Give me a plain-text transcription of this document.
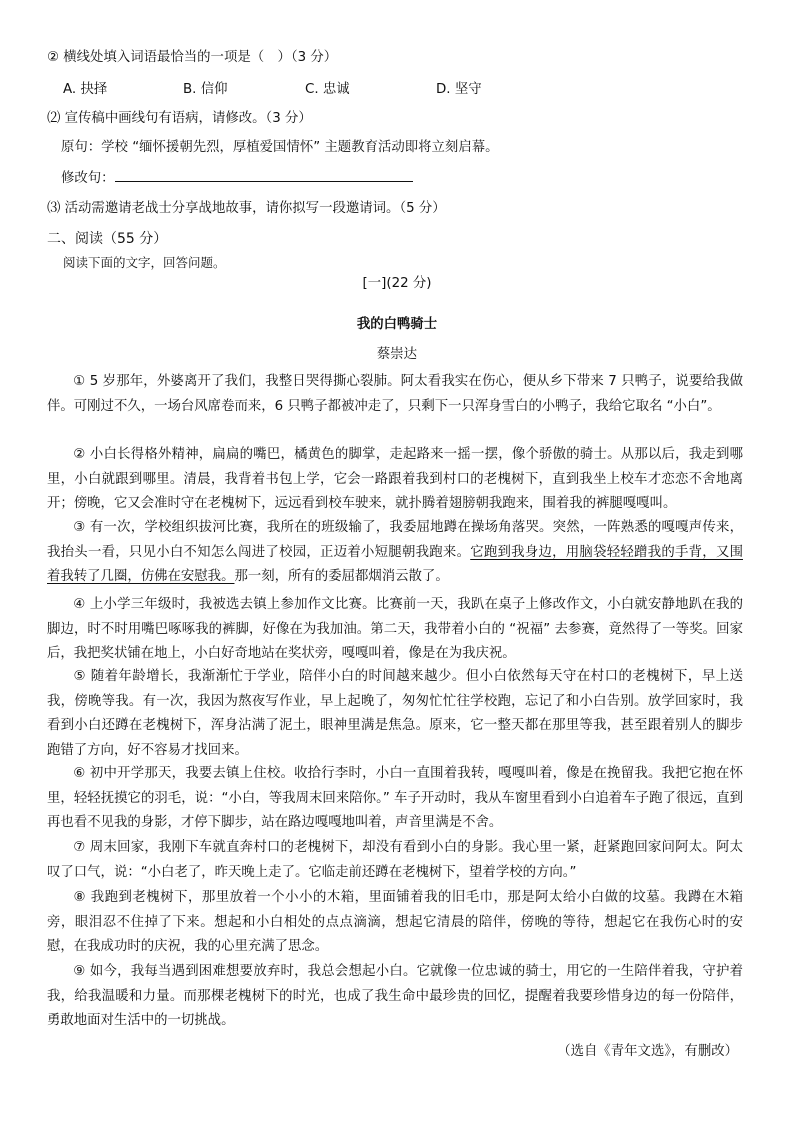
② 横线处填入词语最恰当的一项是（　）（3 分）
A. 抉择	B. 信仰	C. 忠诚	D. 坚守
⑵ 宣传稿中画线句有语病，请修改。（3 分）
原句：学校 “缅怀援朝先烈，厚植爱国情怀” 主题教育活动即将立刻启幕。
修改句：
⑶ 活动需邀请老战士分享战地故事，请你拟写一段邀请词。（5 分）
二、阅读（55 分）
阅读下面的文字，回答问题。
[一](22 分)
我的白鸭骑士
蔡崇达
① 5 岁那年，外婆离开了我们，我整日哭得撕心裂肺。阿太看我实在伤心，便从乡下带来 7 只鸭子，说要给我做伴。可刚过不久，一场台风席卷而来，6 只鸭子都被冲走了，只剩下一只浑身雪白的小鸭子，我给它取名 “小白”。
② 小白长得格外精神，扁扁的嘴巴，橘黄色的脚掌，走起路来一摇一摆，像个骄傲的骑士。从那以后，我走到哪里，小白就跟到哪里。清晨，我背着书包上学，它会一路跟着我到村口的老槐树下，直到我坐上校车才恋恋不舍地离开；傍晚，它又会准时守在老槐树下，远远看到校车驶来，就扑腾着翅膀朝我跑来，围着我的裤腿嘎嘎叫。
③ 有一次，学校组织拔河比赛，我所在的班级输了，我委屈地蹲在操场角落哭。突然，一阵熟悉的嘎嘎声传来，我抬头一看，只见小白不知怎么闯进了校园，正迈着小短腿朝我跑来。它跑到我身边，用脑袋轻轻蹭我的手背，又围着我转了几圈，仿佛在安慰我。那一刻，所有的委屈都烟消云散了。
④ 上小学三年级时，我被选去镇上参加作文比赛。比赛前一天，我趴在桌子上修改作文，小白就安静地趴在我的脚边，时不时用嘴巴啄啄我的裤脚，好像在为我加油。第二天，我带着小白的 “祝福” 去参赛，竟然得了一等奖。回家后，我把奖状铺在地上，小白好奇地站在奖状旁，嘎嘎叫着，像是在为我庆祝。
⑤ 随着年龄增长，我渐渐忙于学业，陪伴小白的时间越来越少。但小白依然每天守在村口的老槐树下，早上送我，傍晚等我。有一次，我因为熬夜写作业，早上起晚了，匆匆忙忙往学校跑，忘记了和小白告别。放学回家时，我看到小白还蹲在老槐树下，浑身沾满了泥土，眼神里满是焦急。原来，它一整天都在那里等我，甚至跟着别人的脚步跑错了方向，好不容易才找回来。
⑥ 初中开学那天，我要去镇上住校。收拾行李时，小白一直围着我转，嘎嘎叫着，像是在挽留我。我把它抱在怀里，轻轻抚摸它的羽毛，说：“小白，等我周末回来陪你。” 车子开动时，我从车窗里看到小白追着车子跑了很远，直到再也看不见我的身影，才停下脚步，站在路边嘎嘎地叫着，声音里满是不舍。
⑦ 周末回家，我刚下车就直奔村口的老槐树下，却没有看到小白的身影。我心里一紧，赶紧跑回家问阿太。阿太叹了口气，说：“小白老了，昨天晚上走了。它临走前还蹲在老槐树下，望着学校的方向。”
⑧ 我跑到老槐树下，那里放着一个小小的木箱，里面铺着我的旧毛巾，那是阿太给小白做的坟墓。我蹲在木箱旁，眼泪忍不住掉了下来。想起和小白相处的点点滴滴，想起它清晨的陪伴，傍晚的等待，想起它在我伤心时的安慰，在我成功时的庆祝，我的心里充满了思念。
⑨ 如今，我每当遇到困难想要放弃时，我总会想起小白。它就像一位忠诚的骑士，用它的一生陪伴着我，守护着我，给我温暖和力量。而那棵老槐树下的时光，也成了我生命中最珍贵的回忆，提醒着我要珍惜身边的每一份陪伴，勇敢地面对生活中的一切挑战。
（选自《青年文选》，有删改）
